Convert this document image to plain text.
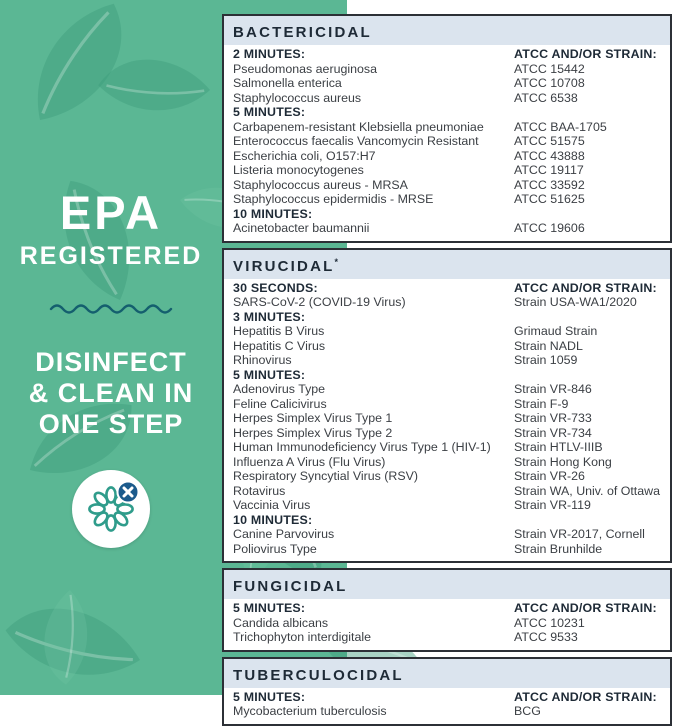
EPA
REGISTERED
DISINFECT
& CLEAN IN
ONE STEP
BACTERICIDAL
2 MINUTES:	ATCC AND/OR STRAIN:
Pseudomonas aeruginosa	ATCC 15442
Salmonella enterica	ATCC 10708
Staphylococcus aureus	ATCC 6538
5 MINUTES:
Carbapenem-resistant Klebsiella pneumoniae	ATCC BAA-1705
Enterococcus faecalis Vancomycin Resistant	ATCC 51575
Escherichia coli, O157:H7	ATCC 43888
Listeria monocytogenes	ATCC 19117
Staphylococcus aureus - MRSA	ATCC 33592
Staphylococcus epidermidis - MRSE	ATCC 51625
10 MINUTES:
Acinetobacter baumannii	ATCC 19606
VIRUCIDAL*
30 SECONDS:	ATCC AND/OR STRAIN:
SARS-CoV-2 (COVID-19 Virus)	Strain USA-WA1/2020
3 MINUTES:
Hepatitis B Virus	Grimaud Strain
Hepatitis C Virus	Strain NADL
Rhinovirus	Strain 1059
5 MINUTES:
Adenovirus Type	Strain VR-846
Feline Calicivirus	Strain F-9
Herpes Simplex Virus Type 1	Strain VR-733
Herpes Simplex Virus Type 2	Strain VR-734
Human Immunodeficiency Virus Type 1 (HIV-1)	Strain HTLV-IIIB
Influenza A Virus (Flu Virus)	Strain Hong Kong
Respiratory Syncytial Virus (RSV)	Strain VR-26
Rotavirus	Strain WA, Univ. of Ottawa
Vaccinia Virus	Strain VR-119
10 MINUTES:
Canine Parvovirus	Strain VR-2017, Cornell
Poliovirus Type	Strain Brunhilde
FUNGICIDAL
5 MINUTES:	ATCC AND/OR STRAIN:
Candida albicans	ATCC 10231
Trichophyton interdigitale	ATCC 9533
TUBERCULOCIDAL
5 MINUTES:	ATCC AND/OR STRAIN:
Mycobacterium tuberculosis	BCG
